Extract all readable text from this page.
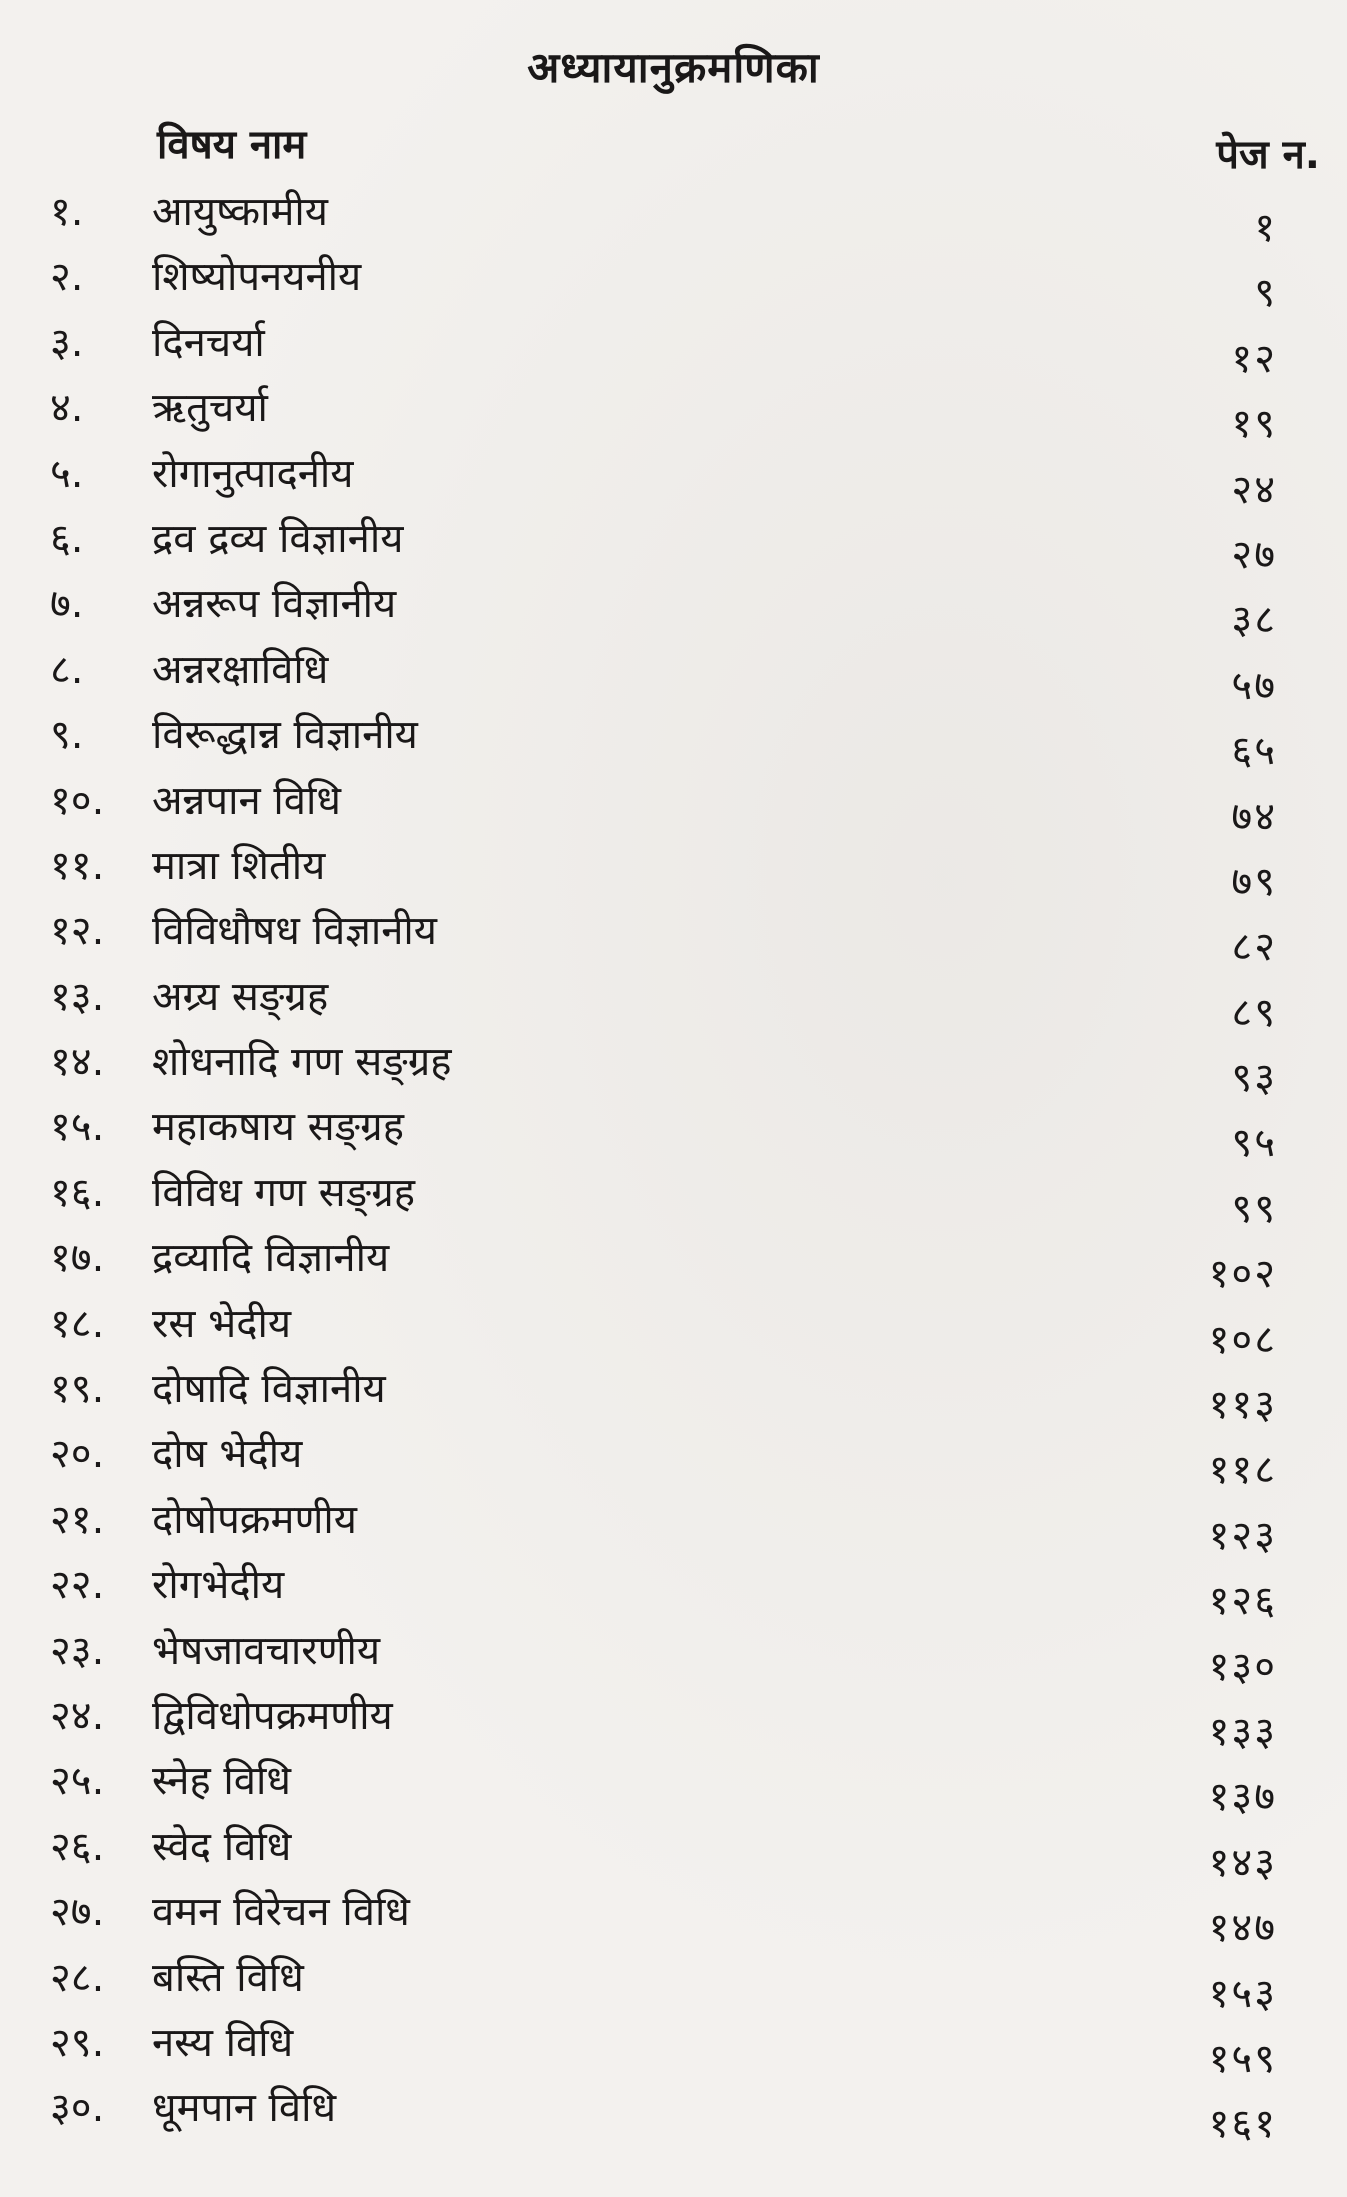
अध्यायानुक्रमणिका
विषय नाम	पेज न.
१.	आयुष्कामीय	१
२.	शिष्योपनयनीय	९
३.	दिनचर्या	१२
४.	ऋतुचर्या	१९
५.	रोगानुत्पादनीय	२४
६.	द्रव द्रव्य विज्ञानीय	२७
७.	अन्नरूप विज्ञानीय	३८
८.	अन्नरक्षाविधि	५७
९.	विरूद्धान्न विज्ञानीय	६५
१०.	अन्नपान विधि	७४
११.	मात्रा शितीय	७९
१२.	विविधौषध विज्ञानीय	८२
१३.	अग्र्य सङ्ग्रह	८९
१४.	शोधनादि गण सङ्ग्रह	९३
१५.	महाकषाय सङ्ग्रह	९५
१६.	विविध गण सङ्ग्रह	९९
१७.	द्रव्यादि विज्ञानीय	१०२
१८.	रस भेदीय	१०८
१९.	दोषादि विज्ञानीय	११३
२०.	दोष भेदीय	११८
२१.	दोषोपक्रमणीय	१२३
२२.	रोगभेदीय	१२६
२३.	भेषजावचारणीय	१३०
२४.	द्विविधोपक्रमणीय	१३३
२५.	स्नेह विधि	१३७
२६.	स्वेद विधि	१४३
२७.	वमन विरेचन विधि	१४७
२८.	बस्ति विधि	१५३
२९.	नस्य विधि	१५९
३०.	धूमपान विधि	१६१
